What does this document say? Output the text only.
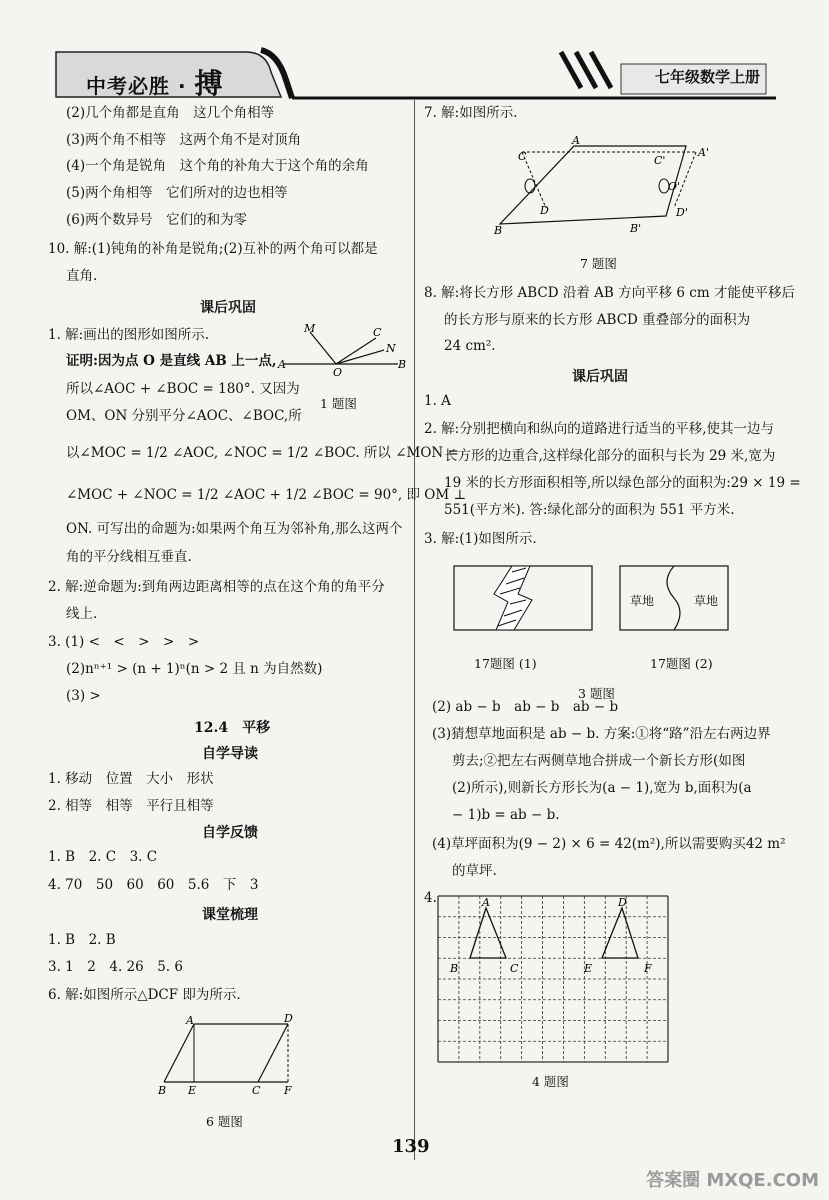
中考必胜 · 搏	七年级数学上册
(2)几个角都是直角　这几个角相等
(3)两个角不相等　这两个角不是对顶角
(4)一个角是锐角　这个角的补角大于这个角的余角
(5)两个角相等　它们所对的边也相等
(6)两个数异号　它们的和为零
10. 解:(1)钝角的补角是锐角;(2)互补的两个角可以都是
直角.
课后巩固
1. 解:画出的图形如图所示.
证明:因为点 O 是直线 AB 上一点,
所以∠AOC + ∠BOC = 180°. 又因为
OM、ON 分别平分∠AOC、∠BOC,所
以∠MOC = 1/2 ∠AOC, ∠NOC = 1/2 ∠BOC. 所以 ∠MON =
∠MOC + ∠NOC = 1/2 ∠AOC + 1/2 ∠BOC = 90°, 即 OM ⊥
ON. 可写出的命题为:如果两个角互为邻补角,那么这两个
角的平分线相互垂直.
2. 解:逆命题为:到角两边距离相等的点在这个角的角平分
线上.
3. (1) <　<　>　>　>
(2)nⁿ⁺¹ > (n + 1)ⁿ(n > 2 且 n 为自然数)
(3) >
12.4　平移
自学导读
1. 移动　位置　大小　形状
2. 相等　相等　平行且相等
自学反馈
1. B　2. C　3. C
4. 70　50　60　60　5.6　下　3
课堂梳理
1. B　2. B
3. 1　2　4. 26　5. 6
6. 解:如图所示△DCF 即为所示.
A	B
O
M	C
N
1 题图
A	D
B E	C F
6 题图
7. 解:如图所示.
C
A
C'
A'
D
O'
D'
B	B'
7 题图
8. 解:将长方形 ABCD 沿着 AB 方向平移 6 cm 才能使平移后
的长方形与原来的长方形 ABCD 重叠部分的面积为
24 cm².
课后巩固
1. A
2. 解:分别把横向和纵向的道路进行适当的平移,使其一边与
长方形的边重合,这样绿化部分的面积与长为 29 米,宽为
19 米的长方形面积相等,所以绿色部分的面积为:29 × 19 =
551(平方米). 答:绿化部分的面积为 551 平方米.
3. 解:(1)如图所示.
草地	草地
17题图 (1)	17题图 (2)
3 题图
(2) ab − b　ab − b　ab − b
(3)猜想草地面积是 ab − b. 方案:①将“路”沿左右两边界
剪去;②把左右两侧草地合拼成一个新长方形(如图
(2)所示),则新长方形长为(a − 1),宽为 b,面积为(a
− 1)b = ab − b.
(4)草坪面积为(9 − 2) × 6 = 42(m²),所以需要购买42 m²
的草坪.
4.	A	D
B	C	E	F
4 题图
139
答案圈 MXQE.COM
